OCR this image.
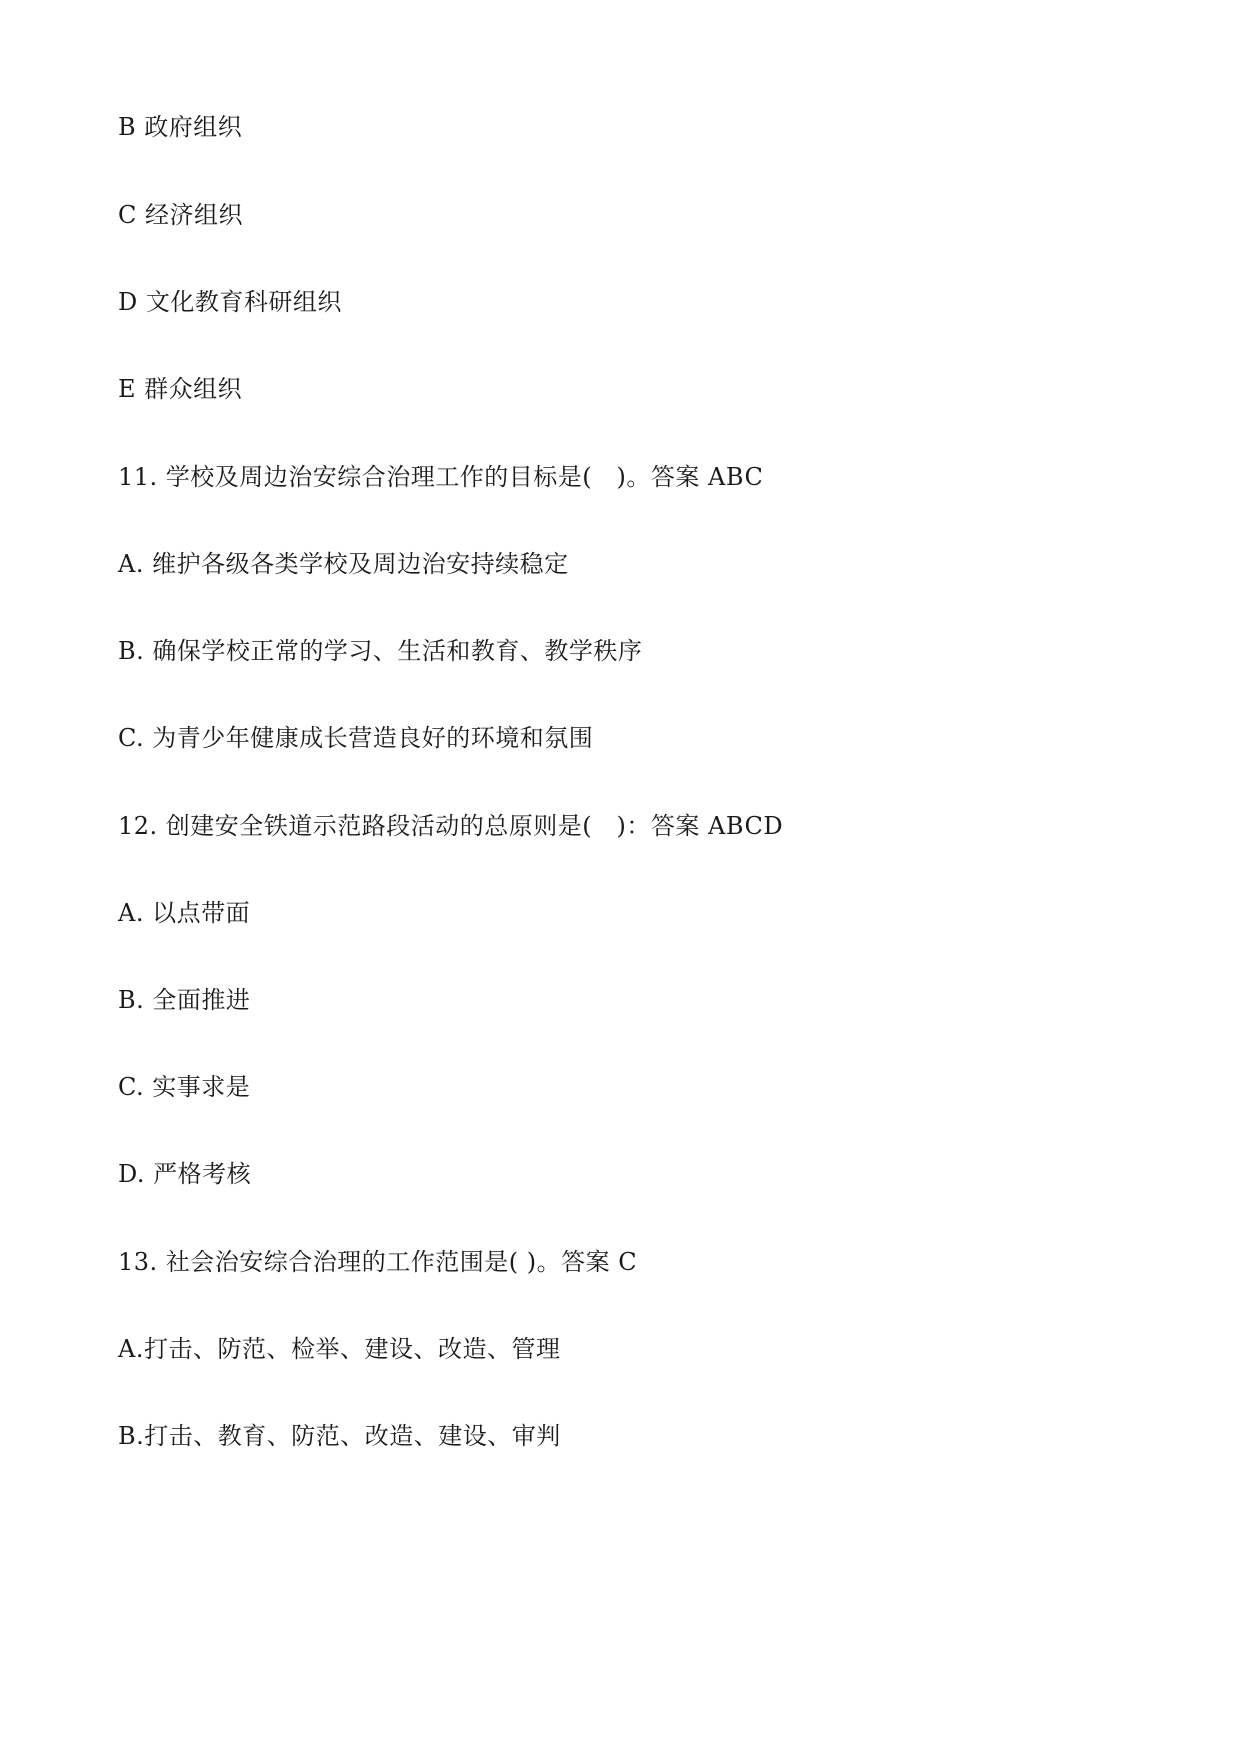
B 政府组织
C 经济组织
D 文化教育科研组织
E 群众组织
11. 学校及周边治安综合治理工作的目标是(   )。答案 ABC
A. 维护各级各类学校及周边治安持续稳定
B. 确保学校正常的学习、生活和教育、教学秩序
C. 为青少年健康成长营造良好的环境和氛围
12. 创建安全铁道示范路段活动的总原则是(   )：答案 ABCD
A. 以点带面
B. 全面推进
C. 实事求是
D. 严格考核
13. 社会治安综合治理的工作范围是( )。答案 C
A.打击、防范、检举、建设、改造、管理
B.打击、教育、防范、改造、建设、审判
